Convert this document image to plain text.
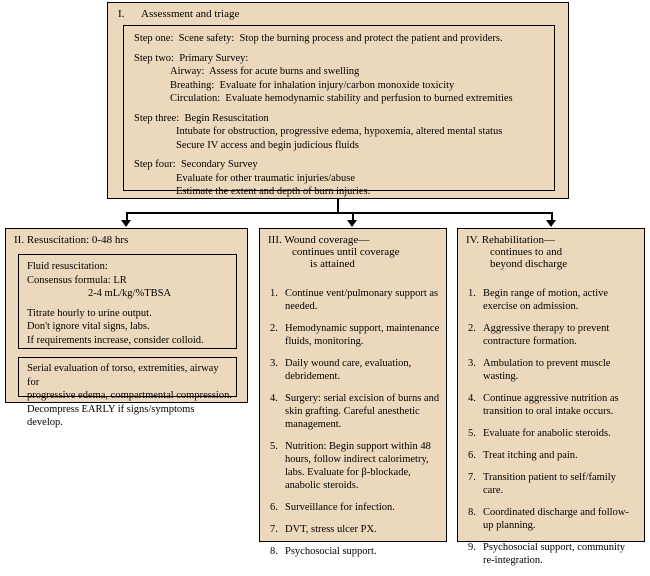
I. Assessment and triage
Step one:  Scene safety:  Stop the burning process and protect the patient and providers.
Step two:  Primary Survey:
Airway:  Assess for acute burns and swelling
Breathing:  Evaluate for inhalation injury/carbon monoxide toxicity
Circulation:  Evaluate hemodynamic stability and perfusion to burned extremities
Step three:  Begin Resuscitation
Intubate for obstruction, progressive edema, hypoxemia, altered mental status
Secure IV access and begin judicious fluids
Step four:  Secondary Survey
Evaluate for other traumatic injuries/abuse
Estimate the extent and depth of burn injuries.
II. Resuscitation: 0-48 hrs
Fluid resuscitation:
Consensus formula: LR
2-4 mL/kg/%TBSA
Titrate hourly to urine output.
Don't ignore vital signs, labs.
If requirements increase, consider colloid.
Serial evaluation of torso, extremities, airway for
progressive edema, compartmental compression.
Decompress EARLY if signs/symptoms develop.
III. Wound coverage—
continues until coverage
is attained
1. Continue vent/pulmonary support as needed.
2. Hemodynamic support, maintenance fluids, monitoring.
3. Daily wound care, evaluation, debridement.
4. Surgery: serial excision of burns and skin grafting. Careful anesthetic management.
5. Nutrition: Begin support within 48 hours, follow indirect calorimetry, labs. Evaluate for β-blockade, anabolic steroids.
6. Surveillance for infection.
7. DVT, stress ulcer PX.
8. Psychosocial support.
IV. Rehabilitation—
continues to and
beyond discharge
1. Begin range of motion, active exercise on admission.
2. Aggressive therapy to prevent contracture formation.
3. Ambulation to prevent muscle wasting.
4. Continue aggressive nutrition as transition to oral intake occurs.
5. Evaluate for anabolic steroids.
6. Treat itching and pain.
7. Transition patient to self/family care.
8. Coordinated discharge and follow-up planning.
9. Psychosocial support, community re-integration.
